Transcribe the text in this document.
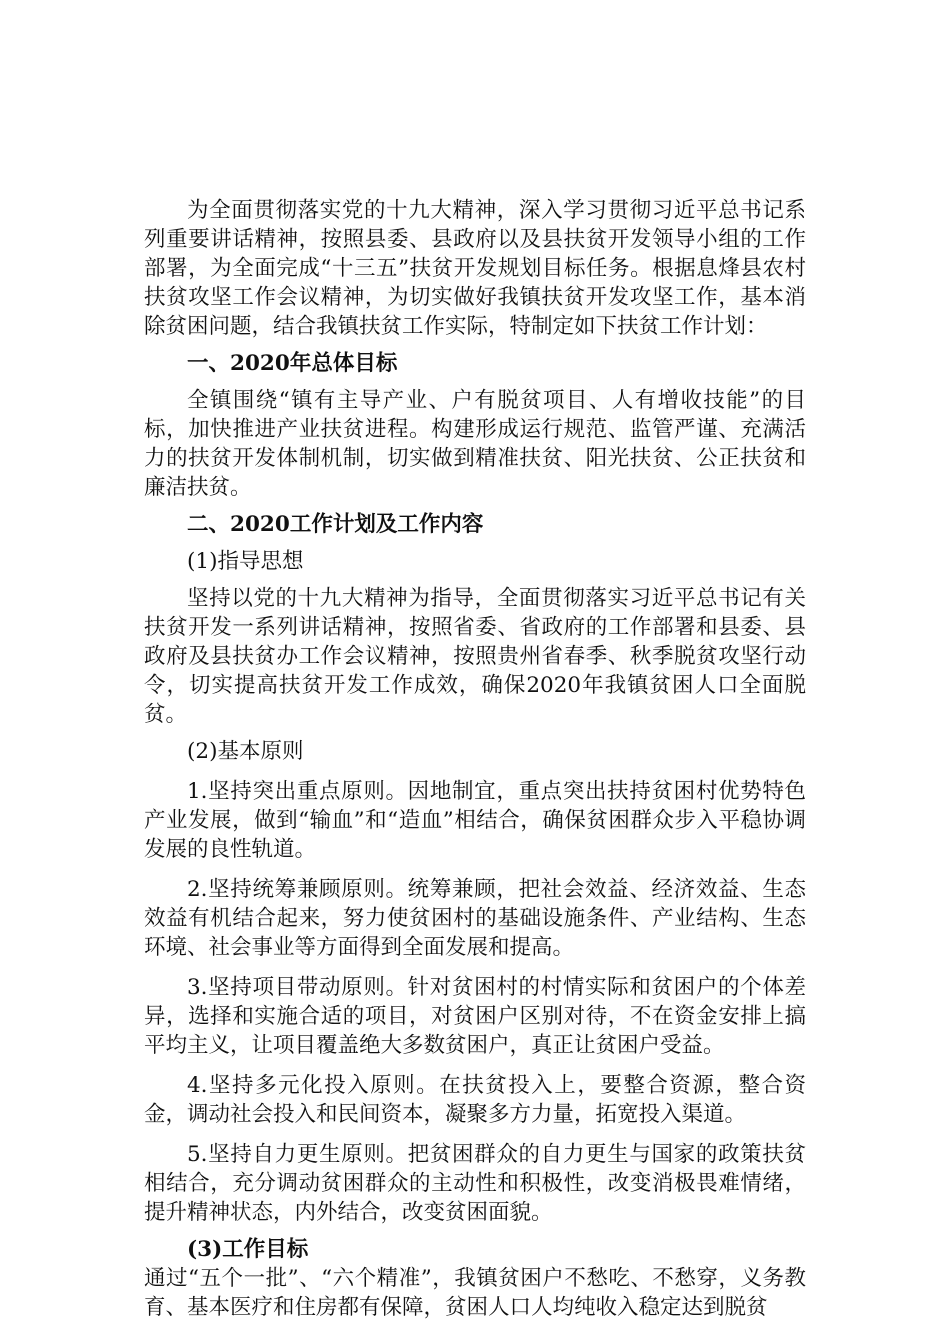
为全面贯彻落实党的十九大精神，深入学习贯彻习近平总书记系列重要讲话精神，按照县委、县政府以及县扶贫开发领导小组的工作部署，为全面完成“十三五”扶贫开发规划目标任务。根据息烽县农村扶贫攻坚工作会议精神，为切实做好我镇扶贫开发攻坚工作，基本消除贫困问题，结合我镇扶贫工作实际，特制定如下扶贫工作计划：

一、2020年总体目标

全镇围绕“镇有主导产业、户有脱贫项目、人有增收技能”的目标，加快推进产业扶贫进程。构建形成运行规范、监管严谨、充满活力的扶贫开发体制机制，切实做到精准扶贫、阳光扶贫、公正扶贫和廉洁扶贫。

二、2020工作计划及工作内容

(1)指导思想

坚持以党的十九大精神为指导，全面贯彻落实习近平总书记有关扶贫开发一系列讲话精神，按照省委、省政府的工作部署和县委、县政府及县扶贫办工作会议精神，按照贵州省春季、秋季脱贫攻坚行动令，切实提高扶贫开发工作成效，确保2020年我镇贫困人口全面脱贫。

(2)基本原则

1.坚持突出重点原则。因地制宜，重点突出扶持贫困村优势特色产业发展，做到“输血”和“造血”相结合，确保贫困群众步入平稳协调发展的良性轨道。

2.坚持统筹兼顾原则。统筹兼顾，把社会效益、经济效益、生态效益有机结合起来，努力使贫困村的基础设施条件、产业结构、生态环境、社会事业等方面得到全面发展和提高。

3.坚持项目带动原则。针对贫困村的村情实际和贫困户的个体差异，选择和实施合适的项目，对贫困户区别对待，不在资金安排上搞平均主义，让项目覆盖绝大多数贫困户，真正让贫困户受益。

4.坚持多元化投入原则。在扶贫投入上，要整合资源，整合资金，调动社会投入和民间资本，凝聚多方力量，拓宽投入渠道。

5.坚持自力更生原则。把贫困群众的自力更生与国家的政策扶贫相结合，充分调动贫困群众的主动性和积极性，改变消极畏难情绪，提升精神状态，内外结合，改变贫困面貌。

(3)工作目标

通过“五个一批”、“六个精准”，我镇贫困户不愁吃、不愁穿，义务教育、基本医疗和住房都有保障，贫困人口人均纯收入稳定达到脱贫
